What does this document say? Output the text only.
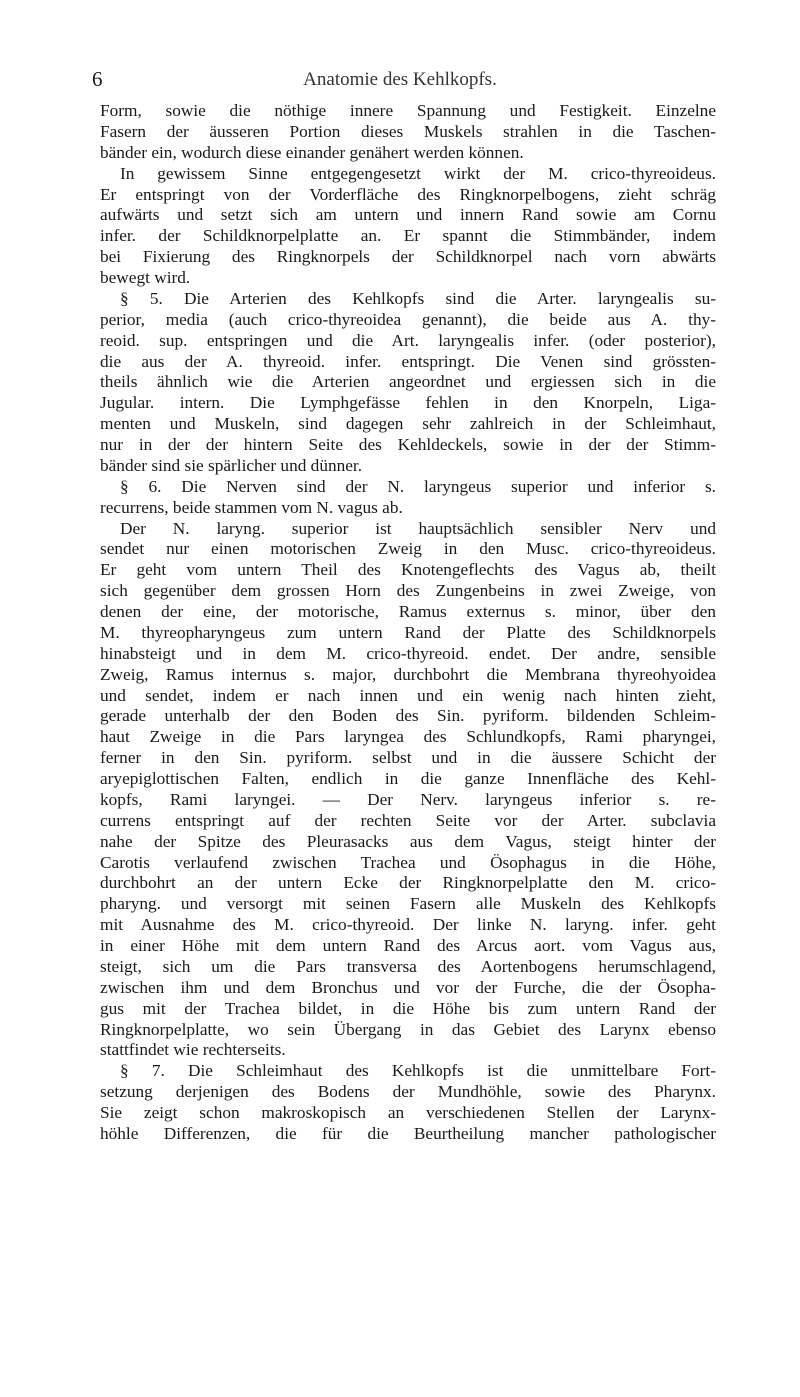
6	Anatomie des Kehlkopfs.
Form, sowie die nöthige innere Spannung und Festigkeit. Einzelne
Fasern der äusseren Portion dieses Muskels strahlen in die Taschen-
bänder ein, wodurch diese einander genähert werden können.
In gewissem Sinne entgegengesetzt wirkt der M. crico-thyreoideus.
Er entspringt von der Vorderfläche des Ringknorpelbogens, zieht schräg
aufwärts und setzt sich am untern und innern Rand sowie am Cornu
infer. der Schildknorpelplatte an. Er spannt die Stimmbänder, indem
bei Fixierung des Ringknorpels der Schildknorpel nach vorn abwärts
bewegt wird.
§ 5. Die Arterien des Kehlkopfs sind die Arter. laryngealis su-
perior, media (auch crico-thyreoidea genannt), die beide aus A. thy-
reoid. sup. entspringen und die Art. laryngealis infer. (oder posterior),
die aus der A. thyreoid. infer. entspringt. Die Venen sind grössten-
theils ähnlich wie die Arterien angeordnet und ergiessen sich in die
Jugular. intern. Die Lymphgefässe fehlen in den Knorpeln, Liga-
menten und Muskeln, sind dagegen sehr zahlreich in der Schleimhaut,
nur in der der hintern Seite des Kehldeckels, sowie in der der Stimm-
bänder sind sie spärlicher und dünner.
§ 6. Die Nerven sind der N. laryngeus superior und inferior s.
recurrens, beide stammen vom N. vagus ab.
Der N. laryng. superior ist hauptsächlich sensibler Nerv und
sendet nur einen motorischen Zweig in den Musc. crico-thyreoideus.
Er geht vom untern Theil des Knotengeflechts des Vagus ab, theilt
sich gegenüber dem grossen Horn des Zungenbeins in zwei Zweige, von
denen der eine, der motorische, Ramus externus s. minor, über den
M. thyreopharyngeus zum untern Rand der Platte des Schildknorpels
hinabsteigt und in dem M. crico-thyreoid. endet. Der andre, sensible
Zweig, Ramus internus s. major, durchbohrt die Membrana thyreohyoidea
und sendet, indem er nach innen und ein wenig nach hinten zieht,
gerade unterhalb der den Boden des Sin. pyriform. bildenden Schleim-
haut Zweige in die Pars laryngea des Schlundkopfs, Rami pharyngei,
ferner in den Sin. pyriform. selbst und in die äussere Schicht der
aryepiglottischen Falten, endlich in die ganze Innenfläche des Kehl-
kopfs, Rami laryngei. — Der Nerv. laryngeus inferior s. re-
currens entspringt auf der rechten Seite vor der Arter. subclavia
nahe der Spitze des Pleurasacks aus dem Vagus, steigt hinter der
Carotis verlaufend zwischen Trachea und Ösophagus in die Höhe,
durchbohrt an der untern Ecke der Ringknorpelplatte den M. crico-
pharyng. und versorgt mit seinen Fasern alle Muskeln des Kehlkopfs
mit Ausnahme des M. crico-thyreoid. Der linke N. laryng. infer. geht
in einer Höhe mit dem untern Rand des Arcus aort. vom Vagus aus,
steigt, sich um die Pars transversa des Aortenbogens herumschlagend,
zwischen ihm und dem Bronchus und vor der Furche, die der Ösopha-
gus mit der Trachea bildet, in die Höhe bis zum untern Rand der
Ringknorpelplatte, wo sein Übergang in das Gebiet des Larynx ebenso
stattfindet wie rechterseits.
§ 7. Die Schleimhaut des Kehlkopfs ist die unmittelbare Fort-
setzung derjenigen des Bodens der Mundhöhle, sowie des Pharynx.
Sie zeigt schon makroskopisch an verschiedenen Stellen der Larynx-
höhle Differenzen, die für die Beurtheilung mancher pathologischer
